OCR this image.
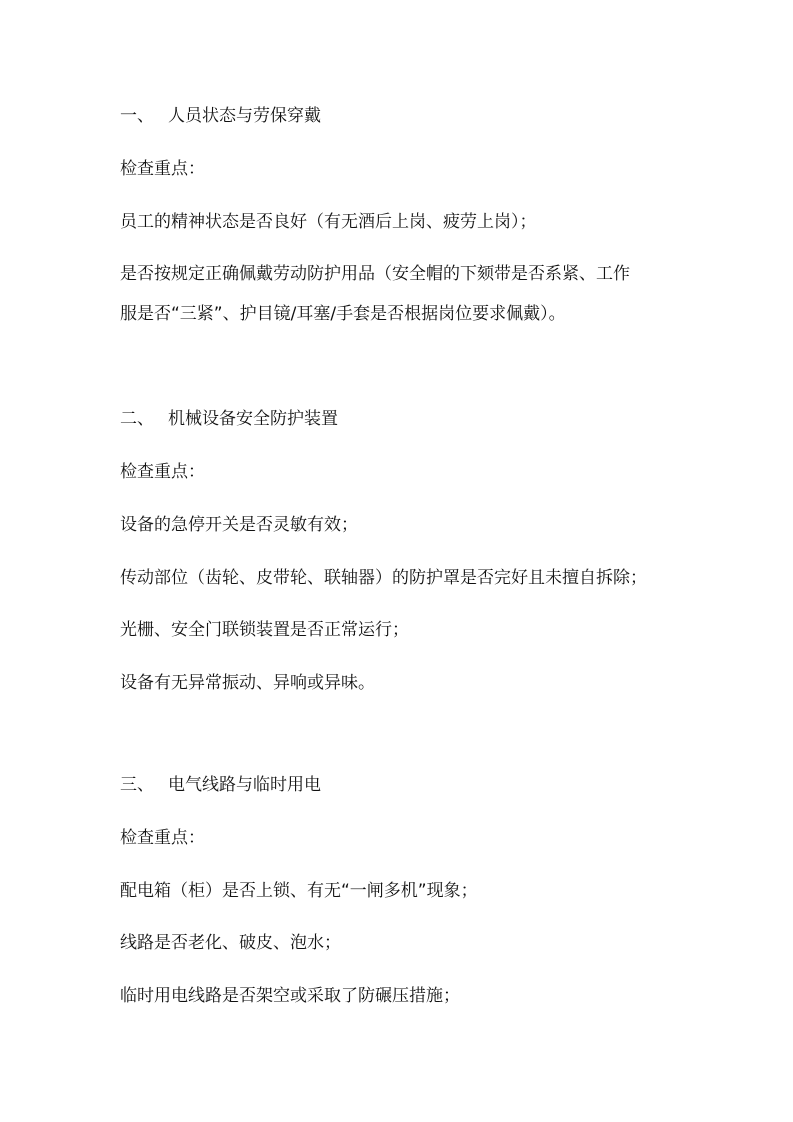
一、 人员状态与劳保穿戴
检查重点：
员工的精神状态是否良好（有无酒后上岗、疲劳上岗）；
是否按规定正确佩戴劳动防护用品（安全帽的下颏带是否系紧、工作
服是否“三紧”、护目镜/耳塞/手套是否根据岗位要求佩戴）。
二、 机械设备安全防护装置
检查重点：
设备的急停开关是否灵敏有效；
传动部位（齿轮、皮带轮、联轴器）的防护罩是否完好且未擅自拆除；
光栅、安全门联锁装置是否正常运行；
设备有无异常振动、异响或异味。
三、 电气线路与临时用电
检查重点：
配电箱（柜）是否上锁、有无“一闸多机”现象；
线路是否老化、破皮、泡水；
临时用电线路是否架空或采取了防碾压措施；
